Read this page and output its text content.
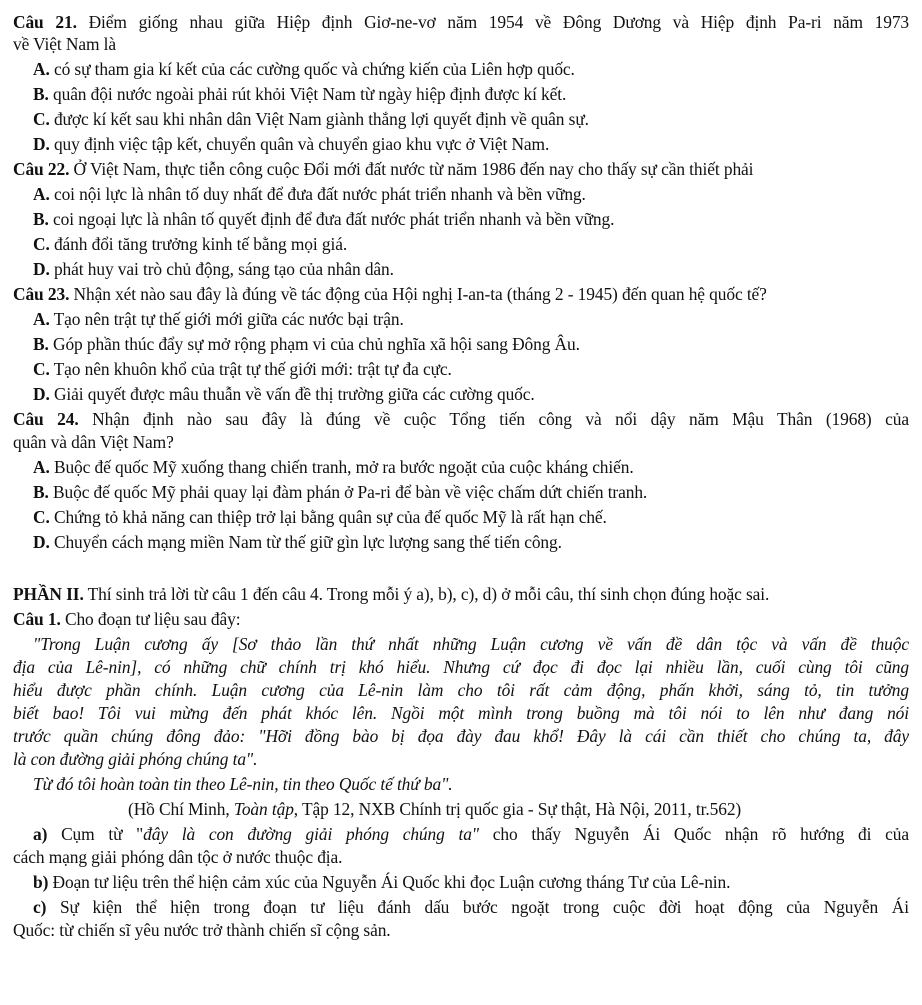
Câu 21. Điểm giống nhau giữa Hiệp định Giơ-ne-vơ năm 1954 về Đông Dương và Hiệp định Pa-ri năm 1973
về Việt Nam là
A. có sự tham gia kí kết của các cường quốc và chứng kiến của Liên hợp quốc.
B. quân đội nước ngoài phải rút khỏi Việt Nam từ ngày hiệp định được kí kết.
C. được kí kết sau khi nhân dân Việt Nam giành thắng lợi quyết định về quân sự.
D. quy định việc tập kết, chuyển quân và chuyển giao khu vực ở Việt Nam.
Câu 22. Ở Việt Nam, thực tiễn công cuộc Đổi mới đất nước từ năm 1986 đến nay cho thấy sự cần thiết phải
A. coi nội lực là nhân tố duy nhất để đưa đất nước phát triển nhanh và bền vững.
B. coi ngoại lực là nhân tố quyết định để đưa đất nước phát triển nhanh và bền vững.
C. đánh đổi tăng trưởng kinh tế bằng mọi giá.
D. phát huy vai trò chủ động, sáng tạo của nhân dân.
Câu 23. Nhận xét nào sau đây là đúng về tác động của Hội nghị I-an-ta (tháng 2 - 1945) đến quan hệ quốc tế?
A. Tạo nên trật tự thế giới mới giữa các nước bại trận.
B. Góp phần thúc đẩy sự mở rộng phạm vi của chủ nghĩa xã hội sang Đông Âu.
C. Tạo nên khuôn khổ của trật tự thế giới mới: trật tự đa cực.
D. Giải quyết được mâu thuẫn về vấn đề thị trường giữa các cường quốc.
Câu 24. Nhận định nào sau đây là đúng về cuộc Tổng tiến công và nổi dậy năm Mậu Thân (1968) của
quân và dân Việt Nam?
A. Buộc đế quốc Mỹ xuống thang chiến tranh, mở ra bước ngoặt của cuộc kháng chiến.
B. Buộc đế quốc Mỹ phải quay lại đàm phán ở Pa-ri để bàn về việc chấm dứt chiến tranh.
C. Chứng tỏ khả năng can thiệp trở lại bằng quân sự của đế quốc Mỹ là rất hạn chế.
D. Chuyển cách mạng miền Nam từ thế giữ gìn lực lượng sang thế tiến công.
PHẦN II. Thí sinh trả lời từ câu 1 đến câu 4. Trong mỗi ý a), b), c), d) ở mỗi câu, thí sinh chọn đúng hoặc sai.
Câu 1. Cho đoạn tư liệu sau đây:
"Trong Luận cương ấy [Sơ thảo lần thứ nhất những Luận cương về vấn đề dân tộc và vấn đề thuộc
địa của Lê-nin], có những chữ chính trị khó hiểu. Nhưng cứ đọc đi đọc lại nhiều lần, cuối cùng tôi cũng
hiểu được phần chính. Luận cương của Lê-nin làm cho tôi rất cảm động, phấn khởi, sáng tỏ, tin tưởng
biết bao! Tôi vui mừng đến phát khóc lên. Ngồi một mình trong buồng mà tôi nói to lên như đang nói
trước quần chúng đông đảo: "Hỡi đồng bào bị đọa đày đau khổ! Đây là cái cần thiết cho chúng ta, đây
là con đường giải phóng chúng ta".
Từ đó tôi hoàn toàn tin theo Lê-nin, tin theo Quốc tế thứ ba".
(Hồ Chí Minh, Toàn tập, Tập 12, NXB Chính trị quốc gia - Sự thật, Hà Nội, 2011, tr.562)
a) Cụm từ "đây là con đường giải phóng chúng ta" cho thấy Nguyễn Ái Quốc nhận rõ hướng đi của
cách mạng giải phóng dân tộc ở nước thuộc địa.
b) Đoạn tư liệu trên thể hiện cảm xúc của Nguyễn Ái Quốc khi đọc Luận cương tháng Tư của Lê-nin.
c) Sự kiện thể hiện trong đoạn tư liệu đánh dấu bước ngoặt trong cuộc đời hoạt động của Nguyễn Ái
Quốc: từ chiến sĩ yêu nước trở thành chiến sĩ cộng sản.
